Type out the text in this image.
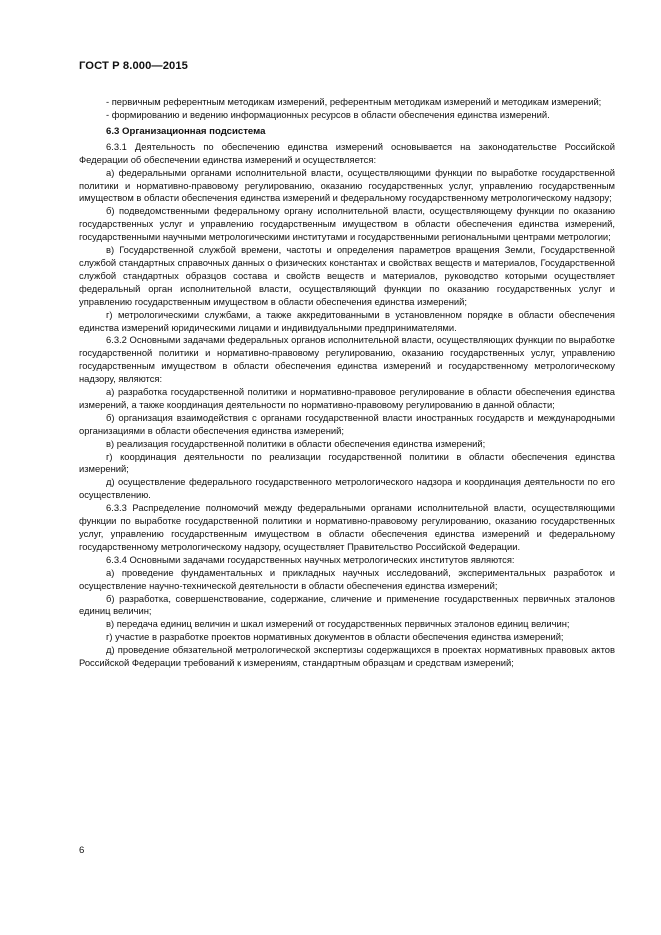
ГОСТ Р 8.000—2015

- первичным референтным методикам измерений, референтным методикам измерений и методикам измерений;

- формированию и ведению информационных ресурсов в области обеспечения единства измерений.

6.3 Организационная подсистема

6.3.1 Деятельность по обеспечению единства измерений основывается на законодательстве Российской Федерации об обеспечении единства измерений и осуществляется:

а) федеральными органами исполнительной власти, осуществляющими функции по выработке государственной политики и нормативно-правовому регулированию, оказанию государственных услуг, управлению государственным имуществом в области обеспечения единства измерений и федеральному государственному метрологическому надзору;

б) подведомственными федеральному органу исполнительной власти, осуществляющему функции по оказанию государственных услуг и управлению государственным имуществом в области обеспечения единства измерений, государственными научными метрологическими институтами и государственными региональными центрами метрологии;

в) Государственной службой времени, частоты и определения параметров вращения Земли, Государственной службой стандартных справочных данных о физических константах и свойствах веществ и материалов, Государственной службой стандартных образцов состава и свойств веществ и материалов, руководство которыми осуществляет федеральный орган исполнительной власти, осуществляющий функции по оказанию государственных услуг и управлению государственным имуществом в области обеспечения единства измерений;

г) метрологическими службами, а также аккредитованными в установленном порядке в области обеспечения единства измерений юридическими лицами и индивидуальными предпринимателями.

6.3.2 Основными задачами федеральных органов исполнительной власти, осуществляющих функции по выработке государственной политики и нормативно-правовому регулированию, оказанию государственных услуг, управлению государственным имуществом в области обеспечения единства измерений и государственному метрологическому надзору, являются:

а) разработка государственной политики и нормативно-правовое регулирование в области обеспечения единства измерений, а также координация деятельности по нормативно-правовому регулированию в данной области;

б) организация взаимодействия с органами государственной власти иностранных государств и международными организациями в области обеспечения единства измерений;

в) реализация государственной политики в области обеспечения единства измерений;

г) координация деятельности по реализации государственной политики в области обеспечения единства измерений;

д) осуществление федерального государственного метрологического надзора и координация деятельности по его осуществлению.

6.3.3 Распределение полномочий между федеральными органами исполнительной власти, осуществляющими функции по выработке государственной политики и нормативно-правовому регулированию, оказанию государственных услуг, управлению государственным имуществом в области обеспечения единства измерений и федеральному государственному метрологическому надзору, осуществляет Правительство Российской Федерации.

6.3.4 Основными задачами государственных научных метрологических институтов являются:

а) проведение фундаментальных и прикладных научных исследований, экспериментальных разработок и осуществление научно-технической деятельности в области обеспечения единства измерений;

б) разработка, совершенствование, содержание, сличение и применение государственных первичных эталонов единиц величин;

в) передача единиц величин и шкал измерений от государственных первичных эталонов единиц величин;

г) участие в разработке проектов нормативных документов в области обеспечения единства измерений;

д) проведение обязательной метрологической экспертизы содержащихся в проектах нормативных правовых актов Российской Федерации требований к измерениям, стандартным образцам и средствам измерений;

6
